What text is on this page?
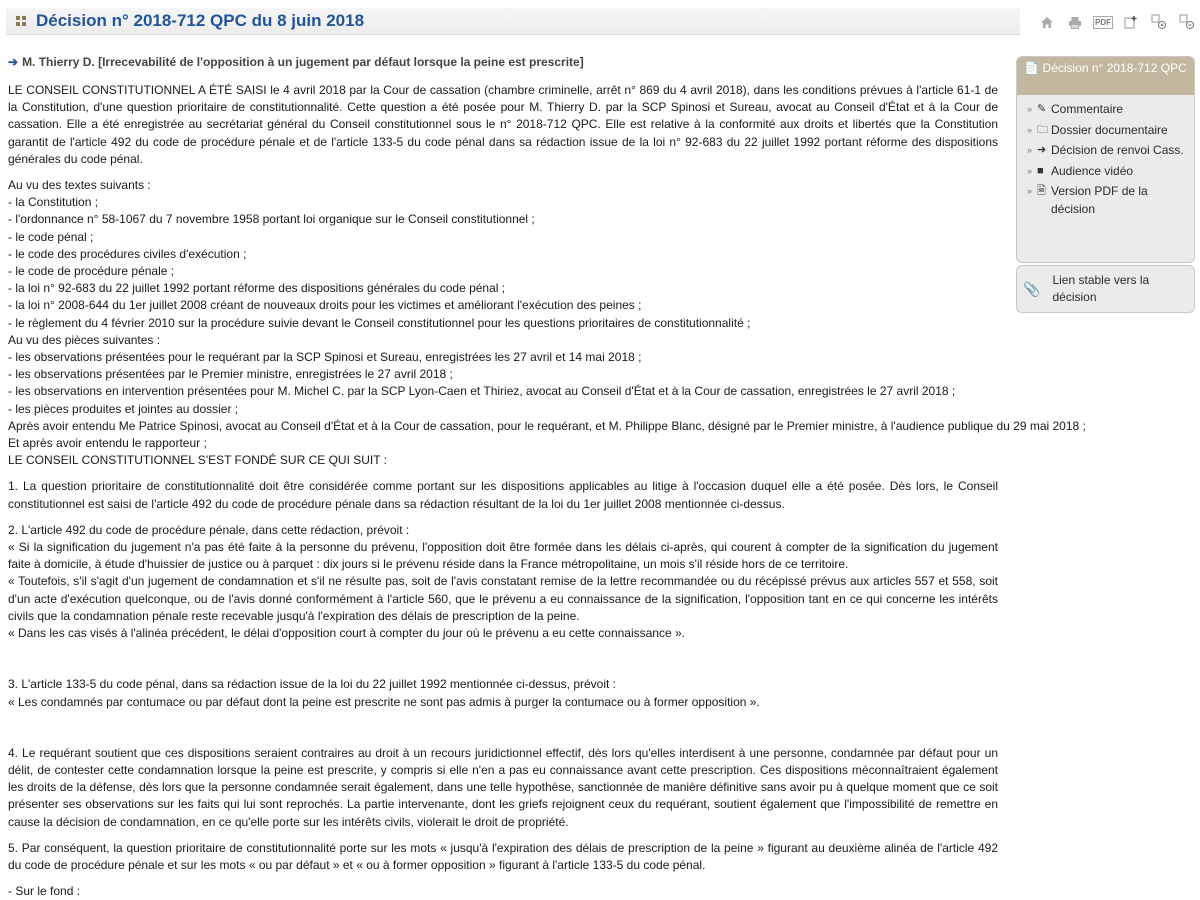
Décision n° 2018-712 QPC du 8 juin 2018	PDF
➔ M. Thierry D. [Irrecevabilité de l'opposition à un jugement par défaut lorsque la peine est prescrite]

LE CONSEIL CONSTITUTIONNEL A ÉTÉ SAISI le 4 avril 2018 par la Cour de cassation (chambre criminelle, arrêt n° 869 du 4 avril 2018), dans les conditions prévues à l'article 61-1 de la Constitution, d'une question prioritaire de constitutionnalité. Cette question a été posée pour M. Thierry D. par la SCP Spinosi et Sureau, avocat au Conseil d'État et à la Cour de cassation. Elle a été enregistrée au secrétariat général du Conseil constitutionnel sous le n° 2018-712 QPC. Elle est relative à la conformité aux droits et libertés que la Constitution garantit de l'article 492 du code de procédure pénale et de l'article 133-5 du code pénal dans sa rédaction issue de la loi n° 92-683 du 22 juillet 1992 portant réforme des dispositions générales du code pénal.

Au vu des textes suivants :
- la Constitution ;
- l'ordonnance n° 58-1067 du 7 novembre 1958 portant loi organique sur le Conseil constitutionnel ;
- le code pénal ;
- le code des procédures civiles d'exécution ;
- le code de procédure pénale ;
- la loi n° 92-683 du 22 juillet 1992 portant réforme des dispositions générales du code pénal ;
- la loi n° 2008-644 du 1er juillet 2008 créant de nouveaux droits pour les victimes et améliorant l'exécution des peines ;
- le règlement du 4 février 2010 sur la procédure suivie devant le Conseil constitutionnel pour les questions prioritaires de constitutionnalité ;
Au vu des pièces suivantes :
- les observations présentées pour le requérant par la SCP Spinosi et Sureau, enregistrées les 27 avril et 14 mai 2018 ;
- les observations présentées par le Premier ministre, enregistrées le 27 avril 2018 ;
- les observations en intervention présentées pour M. Michel C. par la SCP Lyon-Caen et Thiriez, avocat au Conseil d'État et à la Cour de cassation, enregistrées le 27 avril 2018 ;
- les pièces produites et jointes au dossier ;
Après avoir entendu Me Patrice Spinosi, avocat au Conseil d'État et à la Cour de cassation, pour le requérant, et M. Philippe Blanc, désigné par le Premier ministre, à l'audience publique du 29 mai 2018 ;
Et après avoir entendu le rapporteur ;
LE CONSEIL CONSTITUTIONNEL S'EST FONDÉ SUR CE QUI SUIT :

1. La question prioritaire de constitutionnalité doit être considérée comme portant sur les dispositions applicables au litige à l'occasion duquel elle a été posée. Dès lors, le Conseil constitutionnel est saisi de l'article 492 du code de procédure pénale dans sa rédaction résultant de la loi du 1er juillet 2008 mentionnée ci-dessus.

2. L'article 492 du code de procédure pénale, dans cette rédaction, prévoit :
« Si la signification du jugement n'a pas été faite à la personne du prévenu, l'opposition doit être formée dans les délais ci-après, qui courent à compter de la signification du jugement faite à domicile, à étude d'huissier de justice ou à parquet : dix jours si le prévenu réside dans la France métropolitaine, un mois s'il réside hors de ce territoire.
« Toutefois, s'il s'agit d'un jugement de condamnation et s'il ne résulte pas, soit de l'avis constatant remise de la lettre recommandée ou du récépissé prévus aux articles 557 et 558, soit d'un acte d'exécution quelconque, ou de l'avis donné conformément à l'article 560, que le prévenu a eu connaissance de la signification, l'opposition tant en ce qui concerne les intérêts civils que la condamnation pénale reste recevable jusqu'à l'expiration des délais de prescription de la peine.
« Dans les cas visés à l'alinéa précédent, le délai d'opposition court à compter du jour où le prévenu a eu cette connaissance ».
3. L'article 133-5 du code pénal, dans sa rédaction issue de la loi du 22 juillet 1992 mentionnée ci-dessus, prévoit :
« Les condamnés par contumace ou par défaut dont la peine est prescrite ne sont pas admis à purger la contumace ou à former opposition ».

4. Le requérant soutient que ces dispositions seraient contraires au droit à un recours juridictionnel effectif, dès lors qu'elles interdisent à une personne, condamnée par défaut pour un délit, de contester cette condamnation lorsque la peine est prescrite, y compris si elle n'en a pas eu connaissance avant cette prescription. Ces dispositions méconnaîtraient également les droits de la défense, dès lors que la personne condamnée serait également, dans une telle hypothèse, sanctionnée de manière définitive sans avoir pu à quelque moment que ce soit présenter ses observations sur les faits qui lui sont reprochés. La partie intervenante, dont les griefs rejoignent ceux du requérant, soutient également que l'impossibilité de remettre en cause la décision de condamnation, en ce qu'elle porte sur les intérêts civils, violerait le droit de propriété.

5. Par conséquent, la question prioritaire de constitutionnalité porte sur les mots « jusqu'à l'expiration des délais de prescription de la peine » figurant au deuxième alinéa de l'article 492 du code de procédure pénale et sur les mots « ou par défaut » et « ou à former opposition » figurant à l'article 133-5 du code pénal.

- Sur le fond :
📄 Décision n° 2018-712 QPC
» ✎ Commentaire
» 🗀 Dossier documentaire
» ➜ Décision de renvoi Cass.
» ■ Audience vidéo
» 🗎 Version PDF de la décision
📎
Lien stable vers la décision
